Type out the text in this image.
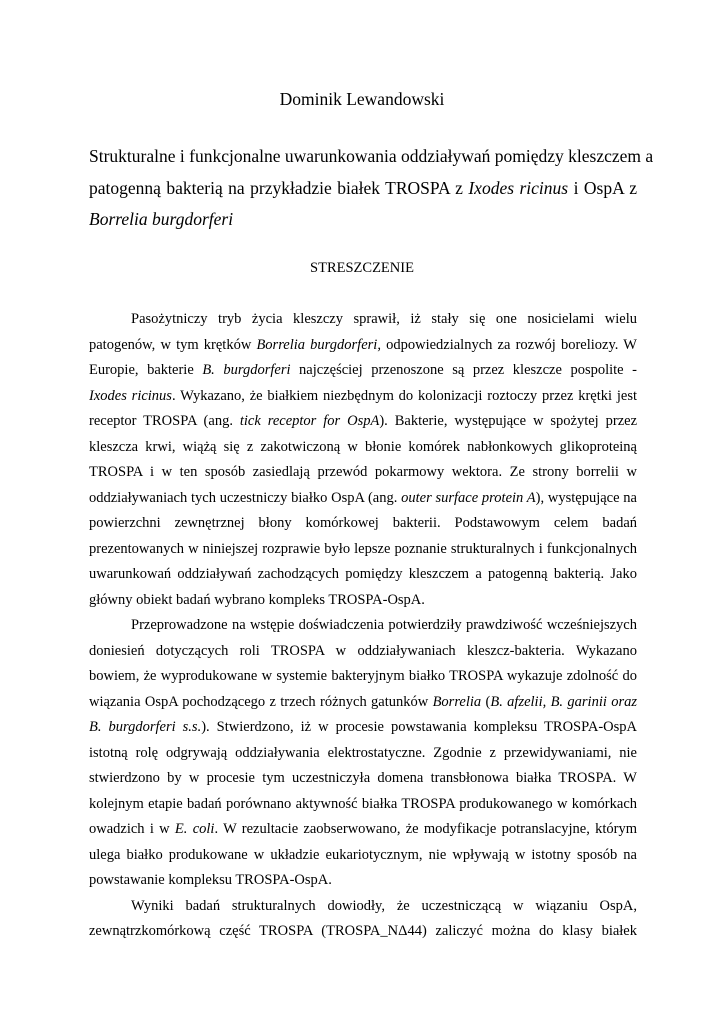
Dominik Lewandowski
Strukturalne i funkcjonalne uwarunkowania oddziaływań pomiędzy kleszczem a
patogenną bakterią na przykładzie białek TROSPA z Ixodes ricinus i OspA z
Borrelia burgdorferi
STRESZCZENIE
Pasożytniczy tryb życia kleszczy sprawił, iż stały się one nosicielami wielu
patogenów, w tym krętków Borrelia burgdorferi, odpowiedzialnych za rozwój boreliozy. W
Europie, bakterie B. burgdorferi najczęściej przenoszone są przez kleszcze pospolite -
Ixodes ricinus. Wykazano, że białkiem niezbędnym do kolonizacji roztoczy przez krętki jest
receptor TROSPA (ang. tick receptor for OspA). Bakterie, występujące w spożytej przez
kleszcza krwi, wiążą się z zakotwiczoną w błonie komórek nabłonkowych glikoproteiną
TROSPA i w ten sposób zasiedlają przewód pokarmowy wektora. Ze strony borrelii w
oddziaływaniach tych uczestniczy białko OspA (ang. outer surface protein A), występujące na
powierzchni zewnętrznej błony komórkowej bakterii. Podstawowym celem badań
prezentowanych w niniejszej rozprawie było lepsze poznanie strukturalnych i funkcjonalnych
uwarunkowań oddziaływań zachodzących pomiędzy kleszczem a patogenną bakterią. Jako
główny obiekt badań wybrano kompleks TROSPA-OspA.
Przeprowadzone na wstępie doświadczenia potwierdziły prawdziwość wcześniejszych
doniesień dotyczących roli TROSPA w oddziaływaniach kleszcz-bakteria. Wykazano
bowiem, że wyprodukowane w systemie bakteryjnym białko TROSPA wykazuje zdolność do
wiązania OspA pochodzącego z trzech różnych gatunków Borrelia (B. afzelii, B. garinii oraz
B. burgdorferi s.s.). Stwierdzono, iż w procesie powstawania kompleksu TROSPA-OspA
istotną rolę odgrywają oddziaływania elektrostatyczne. Zgodnie z przewidywaniami, nie
stwierdzono by w procesie tym uczestniczyła domena transbłonowa białka TROSPA. W
kolejnym etapie badań porównano aktywność białka TROSPA produkowanego w komórkach
owadzich i w E. coli. W rezultacie zaobserwowano, że modyfikacje potranslacyjne, którym
ulega białko produkowane w układzie eukariotycznym, nie wpływają w istotny sposób na
powstawanie kompleksu TROSPA-OspA.
Wyniki badań strukturalnych dowiodły, że uczestniczącą w wiązaniu OspA,
zewnątrzkomórkową część TROSPA (TROSPA_NΔ44) zaliczyć można do klasy białek
